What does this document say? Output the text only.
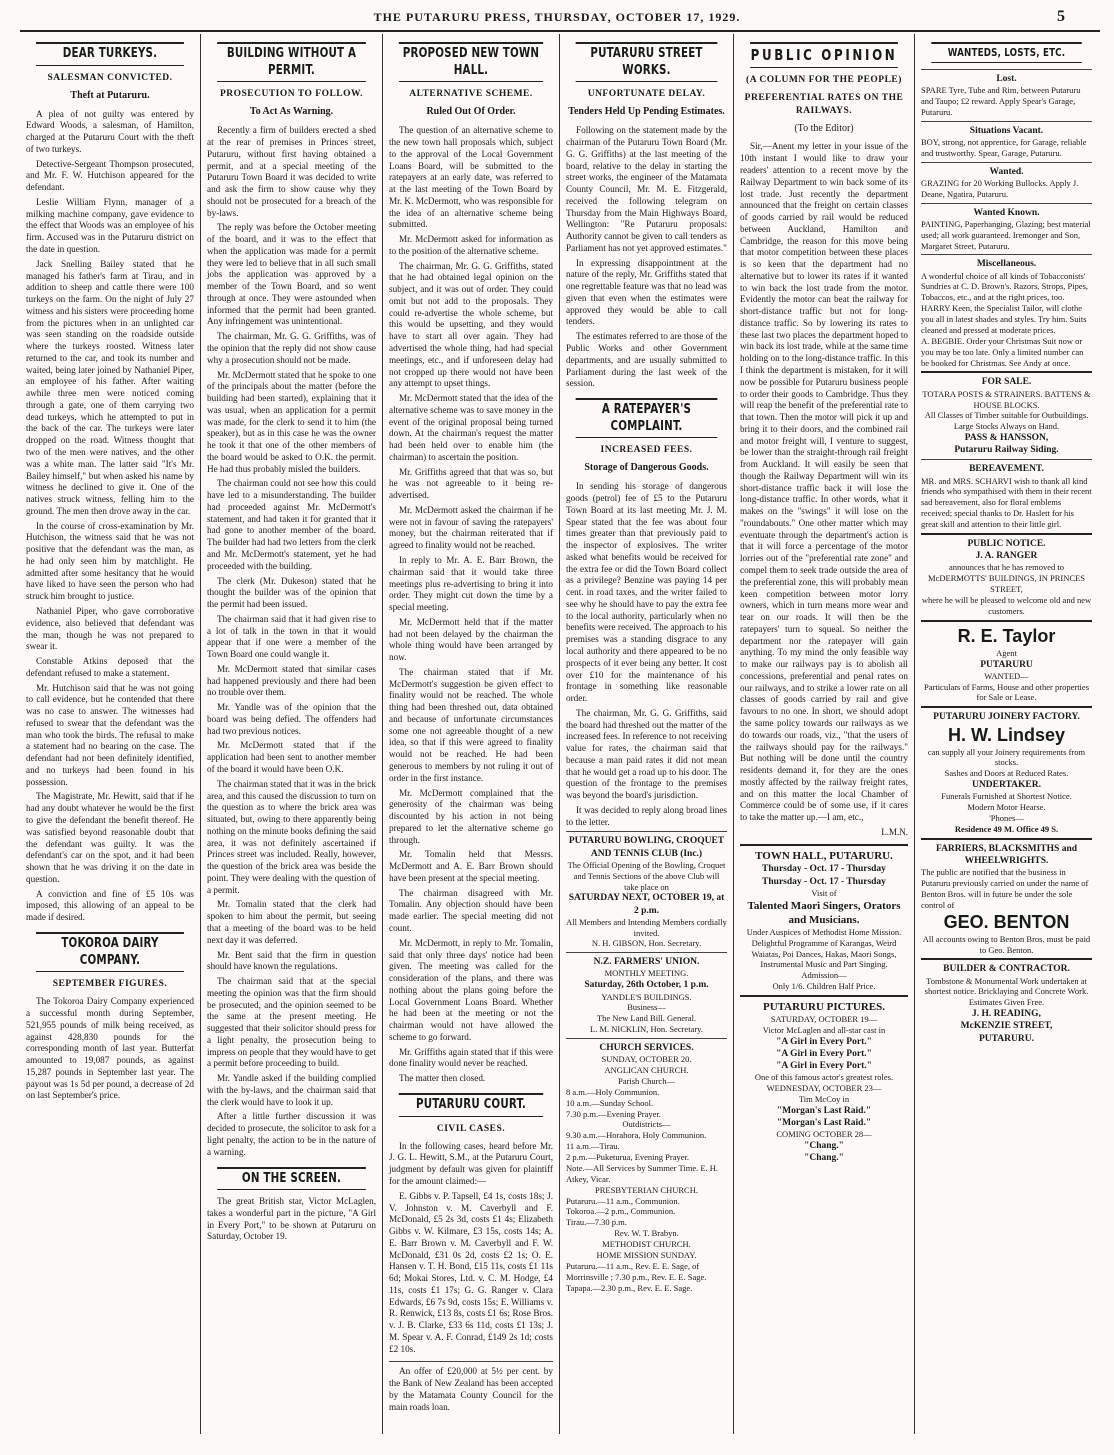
THE PUTARURU PRESS, THURSDAY, OCTOBER 17, 1929.	5
DEAR TURKEYS.
SALESMAN CONVICTED.
Theft at Putaruru.

A plea of not guilty was entered by Edward Woods, a salesman, of Hamilton, charged at the Putaruru Court with the theft of two turkeys.

Detective-Sergeant Thompson prosecuted, and Mr. F. W. Hutchison appeared for the defendant.

Leslie William Flynn, manager of a milking machine company, gave evidence to the effect that Woods was an employee of his firm. Accused was in the Putaruru district on the date in question.

Jack Snelling Bailey stated that he managed his father's farm at Tirau, and in addition to sheep and cattle there were 100 turkeys on the farm. On the night of July 27 witness and his sisters were proceeding home from the pictures when in an unlighted car was seen standing on the roadside outside where the turkeys roosted. Witness later returned to the car, and took its number and waited, being later joined by Nathaniel Piper, an employee of his father. After waiting awhile three men were noticed coming through a gate, one of them carrying two dead turkeys, which he attempted to put in the back of the car. The turkeys were later dropped on the road. Witness thought that two of the men were natives, and the other was a white man. The latter said "It's Mr. Bailey himself," but when asked his name by witness he declined to give it. One of the natives struck witness, felling him to the ground. The men then drove away in the car.

In the course of cross-examination by Mr. Hutchison, the witness said that he was not positive that the defendant was the man, as he had only seen him by matchlight. He admitted after some hesitancy that he would have liked to have seen the person who had struck him brought to justice.

Nathaniel Piper, who gave corroborative evidence, also believed that defendant was the man, though he was not prepared to swear it.

Constable Atkins deposed that the defendant refused to make a statement.

Mr. Hutchison said that he was not going to call evidence, but he contended that there was no case to answer. The witnesses had refused to swear that the defendant was the man who took the birds. The refusal to make a statement had no bearing on the case. The defendant had not been definitely identified, and no turkeys had been found in his possession.

The Magistrate, Mr. Hewitt, said that if he had any doubt whatever he would be the first to give the defendant the benefit thereof. He was satisfied beyond reasonable doubt that the defendant was guilty. It was the defendant's car on the spot, and it had been shown that he was driving it on the date in question.

A conviction and fine of £5 10s was imposed, this allowing of an appeal to be made if desired.

TOKOROA DAIRY COMPANY.
SEPTEMBER FIGURES.

The Tokoroa Dairy Company experienced a successful month during September, 521,955 pounds of milk being received, as against 428,830 pounds for the corresponding month of last year. Butterfat amounted to 19,087 pounds, as against 15,287 pounds in September last year. The payout was 1s 5d per pound, a decrease of 2d on last September's price.

BUILDING WITHOUT A PERMIT.
PROSECUTION TO FOLLOW.
To Act As Warning.

Recently a firm of builders erected a shed at the rear of premises in Princes street, Putaruru, without first having obtained a permit, and at a special meeting of the Putaruru Town Board it was decided to write and ask the firm to show cause why they should not be prosecuted for a breach of the by-laws.

The reply was before the October meeting of the board, and it was to the effect that when the application was made for a permit they were led to believe that in all such small jobs the application was approved by a member of the Town Board, and so went through at once. They were astounded when informed that the permit had been granted. Any infringement was unintentional.

The chairman, Mr. G. G. Griffiths, was of the opinion that the reply did not show cause why a prosecution should not be made.

Mr. McDermott stated that he spoke to one of the principals about the matter (before the building had been started), explaining that it was usual, when an application for a permit was made, for the clerk to send it to him (the speaker), but as in this case he was the owner he took it that one of the other members of the board would be asked to O.K. the permit. He had thus probably misled the builders.

The chairman could not see how this could have led to a misunderstanding. The builder had proceeded against Mr. McDermott's statement, and had taken it for granted that it had gone to another member of the board. The builder had had two letters from the clerk and Mr. McDermott's statement, yet he had proceeded with the building.

The clerk (Mr. Dukeson) stated that he thought the builder was of the opinion that the permit had been issued.

The chairman said that it had given rise to a lot of talk in the town in that it would appear that if one were a member of the Town Board one could wangle it.

Mr. McDermott stated that similar cases had happened previously and there had been no trouble over them.

Mr. Yandle was of the opinion that the board was being defied. The offenders had had two previous notices.

Mr. McDermott stated that if the application had been sent to another member of the board it would have been O.K.

The chairman stated that it was in the brick area, and this caused the discussion to turn on the question as to where the brick area was situated, but, owing to there apparently being nothing on the minute books defining the said area, it was not definitely ascertained if Princes street was included. Really, however, the question of the brick area was beside the point. They were dealing with the question of a permit.

Mr. Tomalin stated that the clerk had spoken to him about the permit, but seeing that a meeting of the board was to be held next day it was deferred.

Mr. Bent said that the firm in question should have known the regulations.

The chairman said that at the special meeting the opinion was that the firm should be prosecuted, and the opinion seemed to be the same at the present meeting. He suggested that their solicitor should press for a light penalty, the prosecution being to impress on people that they would have to get a permit before proceeding to build.

Mr. Yandle asked if the building complied with the by-laws, and the chairman said that the clerk would have to look it up.

After a little further discussion it was decided to prosecute, the solicitor to ask for a light penalty, the action to be in the nature of a warning.

ON THE SCREEN.

The great British star, Victor McLaglen, takes a wonderful part in the picture, "A Girl in Every Port," to be shown at Putaruru on Saturday, October 19.

PROPOSED NEW TOWN HALL.
ALTERNATIVE SCHEME.
Ruled Out Of Order.

The question of an alternative scheme to the new town hall proposals which, subject to the approval of the Local Government Loans Board, will be submitted to the ratepayers at an early date, was referred to at the last meeting of the Town Board by Mr. K. McDermott, who was responsible for the idea of an alternative scheme being submitted.

Mr. McDermott asked for information as to the position of the alternative scheme.

The chairman, Mr. G. G. Griffiths, stated that he had obtained legal opinion on the subject, and it was out of order. They could omit but not add to the proposals. They could re-advertise the whole scheme, but this would be upsetting, and they would have to start all over again. They had advertised the whole thing, had had special meetings, etc., and if unforeseen delay had not cropped up there would not have been any attempt to upset things.

Mr. McDermott stated that the idea of the alternative scheme was to save money in the event of the original proposal being turned down. At the chairman's request the matter had been held over to enable him (the chairman) to ascertain the position.

Mr. Griffiths agreed that that was so, but he was not agreeable to it being re-advertised.

Mr. McDermott asked the chairman if he were not in favour of saving the ratepayers' money, but the chairman reiterated that if agreed to finality would not be reached.

In reply to Mr. A. E. Barr Brown, the chairman said that it would take three meetings plus re-advertising to bring it into order. They might cut down the time by a special meeting.

Mr. McDermott held that if the matter had not been delayed by the chairman the whole thing would have been arranged by now.

The chairman stated that if Mr. McDermott's suggestion be given effect to finality would not be reached. The whole thing had been threshed out, data obtained and because of unfortunate circumstances some one not agreeable thought of a new idea, so that if this were agreed to finality would not be reached. He had been generous to members by not ruling it out of order in the first instance.

Mr. McDermott complained that the generosity of the chairman was being discounted by his action in not being prepared to let the alternative scheme go through.

Mr. Tomalin held that Messrs. McDermott and A. E. Barr Brown should have been present at the special meeting.

The chairman disagreed with Mr. Tomalin. Any objection should have been made earlier. The special meeting did not count.

Mr. McDermott, in reply to Mr. Tomalin, said that only three days' notice had been given. The meeting was called for the consideration of the plans, and there was nothing about the plans going before the Local Government Loans Board. Whether he had been at the meeting or not the chairman would not have allowed the scheme to go forward.

Mr. Griffiths again stated that if this were done finality would never be reached.

The matter then closed.

PUTARURU COURT.
CIVIL CASES.

In the following cases, heard before Mr. J. G. L. Hewitt, S.M., at the Putaruru Court, judgment by default was given for plaintiff for the amount claimed:—

E. Gibbs v. P. Tapsell, £4 1s, costs 18s; J. V. Johnston v. M. Caverbyll and F. McDonald, £5 2s 3d, costs £1 4s; Elizabeth Gibbs v. W. Kilmare, £3 15s, costs 14s; A. E. Barr Brown v. M. Caverbyll and F. W. McDonald, £31 0s 2d, costs £2 1s; O. E. Hansen v. T. H. Bond, £15 11s, costs £1 11s 6d; Mokai Stores, Ltd. v. C. M. Hodge, £4 11s, costs £1 17s; G. G. Ranger v. Clara Edwards, £6 7s 9d, costs 15s; E. Williams v. R. Renwick, £13 8s, costs £1 6s; Rose Bros. v. J. B. Clarke, £33 6s 11d, costs £1 13s; J. M. Spear v. A. F. Conrad, £149 2s 1d; costs £2 10s.

An offer of £20,000 at 5½ per cent. by the Bank of New Zealand has been accepted by the Matamata County Council for the main roads loan.

PUTARURU STREET WORKS.
UNFORTUNATE DELAY.
Tenders Held Up Pending Estimates.

Following on the statement made by the chairman of the Putaruru Town Board (Mr. G. G. Griffiths) at the last meeting of the board, relative to the delay in starting the street works, the engineer of the Matamata County Council, Mr. M. E. Fitzgerald, received the following telegram on Thursday from the Main Highways Board, Wellington: "Re Putaruru proposals: Authority cannot be given to call tenders as Parliament has not yet approved estimates."

In expressing disappointment at the nature of the reply, Mr. Griffiths stated that one regrettable feature was that no lead was given that even when the estimates were approved they would be able to call tenders.

The estimates referred to are those of the Public Works and other Government departments, and are usually submitted to Parliament during the last week of the session.

A RATEPAYER'S COMPLAINT.
INCREASED FEES.
Storage of Dangerous Goods.

In sending his storage of dangerous goods (petrol) fee of £5 to the Putaruru Town Board at its last meeting Mr. J. M. Spear stated that the fee was about four times greater than that previously paid to the inspector of explosives. The writer asked what benefits would be received for the extra fee or did the Town Board collect as a privilege? Benzine was paying 14 per cent. in road taxes, and the writer failed to see why he should have to pay the extra fee to the local authority, particularly when no benefits were received. The approach to his premises was a standing disgrace to any local authority and there appeared to be no prospects of it ever being any better. It cost over £10 for the maintenance of his frontage in something like reasonable order.

The chairman, Mr. G. G. Griffiths, said the board had threshed out the matter of the increased fees. In reference to not receiving value for rates, the chairman said that because a man paid rates it did not mean that he would get a road up to his door. The question of the frontage to the premises was beyond the board's jurisdiction.

It was decided to reply along broad lines to the letter.

PUTARURU BOWLING, CROQUET AND TENNIS CLUB (Inc.)
The Official Opening of the Bowling, Croquet and Tennis Sections of the above Club will take place on
SATURDAY NEXT, OCTOBER 19, at 2 p.m.
All Members and Intending Members cordially invited.
N. H. GIBSON, Hon. Secretary.
N.Z. FARMERS' UNION.
MONTHLY MEETING.
Saturday, 26th October, 1 p.m.
YANDLE'S BUILDINGS.
Business—
The New Land Bill. General.
L. M. NICKLIN, Hon. Secretary.
CHURCH SERVICES.
SUNDAY, OCTOBER 20.
ANGLICAN CHURCH.
Parish Church—
8 a.m.—Holy Communion.
10 a.m.—Sunday School.
7.30 p.m.—Evening Prayer.
Outdistricts—
9.30 a.m.—Horahora, Holy Communion.
11 a.m.—Tirau.
2 p.m.—Puketurua, Evening Prayer.
Note.—All Services by Summer Time. E. H. Atkey, Vicar.
PRESBYTERIAN CHURCH.
Putaruru.—11 a.m., Communion.
Tokoroa.—2 p.m., Communion.
Tirau.—7.30 p.m.
Rev. W. T. Brabyn.
METHODIST CHURCH.
HOME MISSION SUNDAY.
Putaruru.—11 a.m., Rev. E. E. Sage, of Morrinsville ; 7.30 p.m., Rev. E. E. Sage.
Tapapa.—2.30 p.m., Rev. E. E. Sage.
PUBLIC OPINION
(A COLUMN FOR THE PEOPLE)
PREFERENTIAL RATES ON THE RAILWAYS.
(To the Editor)

Sir,—Anent my letter in your issue of the 10th instant I would like to draw your readers' attention to a recent move by the Railway Department to win back some of its lost trade. Just recently the department announced that the freight on certain classes of goods carried by rail would be reduced between Auckland, Hamilton and Cambridge, the reason for this move being that motor competition between these places is so keen that the department had no alternative but to lower its rates if it wanted to win back the lost trade from the motor. Evidently the motor can beat the railway for short-distance traffic but not for long-distance traffic. So by lowering its rates to these last two places the department hoped to win back its lost trade, while at the same time holding on to the long-distance traffic. In this I think the department is mistaken, for it will now be possible for Putaruru business people to order their goods to Cambridge. Thus they will reap the benefit of the preferential rate to that town. Then the motor will pick it up and bring it to their doors, and the combined rail and motor freight will, I venture to suggest, be lower than the straight-through rail freight from Auckland. It will easily be seen that though the Railway Department will win its short-distance traffic back it will lose the long-distance traffic. In other words, what it makes on the "swings" it will lose on the "roundabouts." One other matter which may eventuate through the department's action is that it will force a percentage of the motor lorries out of the "preferential rate zone" and compel them to seek trade outside the area of the preferential zone, this will probably mean keen competition between motor lorry owners, which in turn means more wear and tear on our roads. It will then be the ratepayers' turn to squeal. So neither the department nor the ratepayer will gain anything. To my mind the only feasible way to make our railways pay is to abolish all concessions, preferential and penal rates on our railways, and to strike a lower rate on all classes of goods carried by rail and give favours to no one. In short, we should adopt the same policy towards our railways as we do towards our roads, viz., "that the users of the railways should pay for the railways." But nothing will be done until the country residents demand it, for they are the ones mostly affected by the railway freight rates, and on this matter the local Chamber of Commerce could be of some use, if it cares to take the matter up.—I am, etc.,

L.M.N.
TOWN HALL, PUTARURU.
Thursday - Oct. 17 - Thursday
Thursday - Oct. 17 - Thursday
Visit of
Talented Maori Singers, Orators and Musicians.
Under Auspices of Methodist Home Mission.
Delightful Programme of Karangas, Weird Waiatas, Poi Dances, Hakas, Maori Songs, Instrumental Music and Part Singing.
Admission—
Only 1/6. Children Half Price.
PUTARURU PICTURES.
SATURDAY, OCTOBER 19—
Victor McLaglen and all-star cast in
"A Girl in Every Port."
"A Girl in Every Port."
"A Girl in Every Port."
One of this famous actor's greatest roles.
WEDNESDAY, OCTOBER 23—
Tim McCoy in
"Morgan's Last Raid."
"Morgan's Last Raid."
COMING OCTOBER 28—
"Chang."
"Chang."
WANTEDS, LOSTS, ETC.
Lost.
SPARE Tyre, Tube and Rim, between Putaruru and Taupo; £2 reward. Apply Spear's Garage, Putaruru.
Situations Vacant.
BOY, strong, not apprentice, for Garage, reliable and trustworthy. Spear, Garage, Putaruru.
Wanted.
GRAZING for 20 Working Bullocks. Apply J. Deane, Ngatira, Putaruru.
Wanted Known.
PAINTING, Paperhanging, Glazing; best material used; all work guaranteed. Iremonger and Son, Margaret Street, Putaruru.
Miscellaneous.
A wonderful choice of all kinds of Tobacconists' Sundries at C. D. Brown's. Razors, Strops, Pipes, Tobaccos, etc., and at the right prices, too.
HARRY Keen, the Specialist Tailor, will clothe you all in latest shades and styles. Try him. Suits cleaned and pressed at moderate prices.
A. BEGBIE. Order your Christmas Suit now or you may be too late. Only a limited number can be booked for Christmas. See Andy at once.
FOR SALE.
TOTARA POSTS & STRAINERS. BATTENS & HOUSE BLOCKS.
All Classes of Timber suitable for Outbuildings.
Large Stocks Always on Hand.
PASS & HANSSON,
Putaruru Railway Siding.
BEREAVEMENT.
MR. and MRS. SCHARVI wish to thank all kind friends who sympathised with them in their recent sad bereavement, also for floral emblems received; special thanks to Dr. Haslett for his great skill and attention to their little girl.
PUBLIC NOTICE.
J. A. RANGER
announces that he has removed to
McDERMOTTS' BUILDINGS, IN PRINCES STREET,
where he will be pleased to welcome old and new customers.
R. E. Taylor
Agent
PUTARURU
WANTED—
Particulars of Farms, House and other properties for Sale or Lease.
PUTARURU JOINERY FACTORY.
H. W. Lindsey
can supply all your Joinery requirements from stocks.
Sashes and Doors at Reduced Rates.
UNDERTAKER.
Funerals Furnished at Shortest Notice.
Modern Motor Hearse.
'Phones—
Residence 49 M. Office 49 S.
FARRIERS, BLACKSMITHS and WHEELWRIGHTS.
The public are notified that the business in Putaruru previously carried on under the name of Benton Bros. will in future be under the sole control of
GEO. BENTON
All accounts owing to Benton Bros. must be paid to Geo. Benton.
BUILDER & CONTRACTOR.
Tombstone & Monumental Work undertaken at shortest notice. Bricklaying and Concrete Work. Estimates Given Free.
J. H. READING,
McKENZIE STREET,
PUTARURU.
